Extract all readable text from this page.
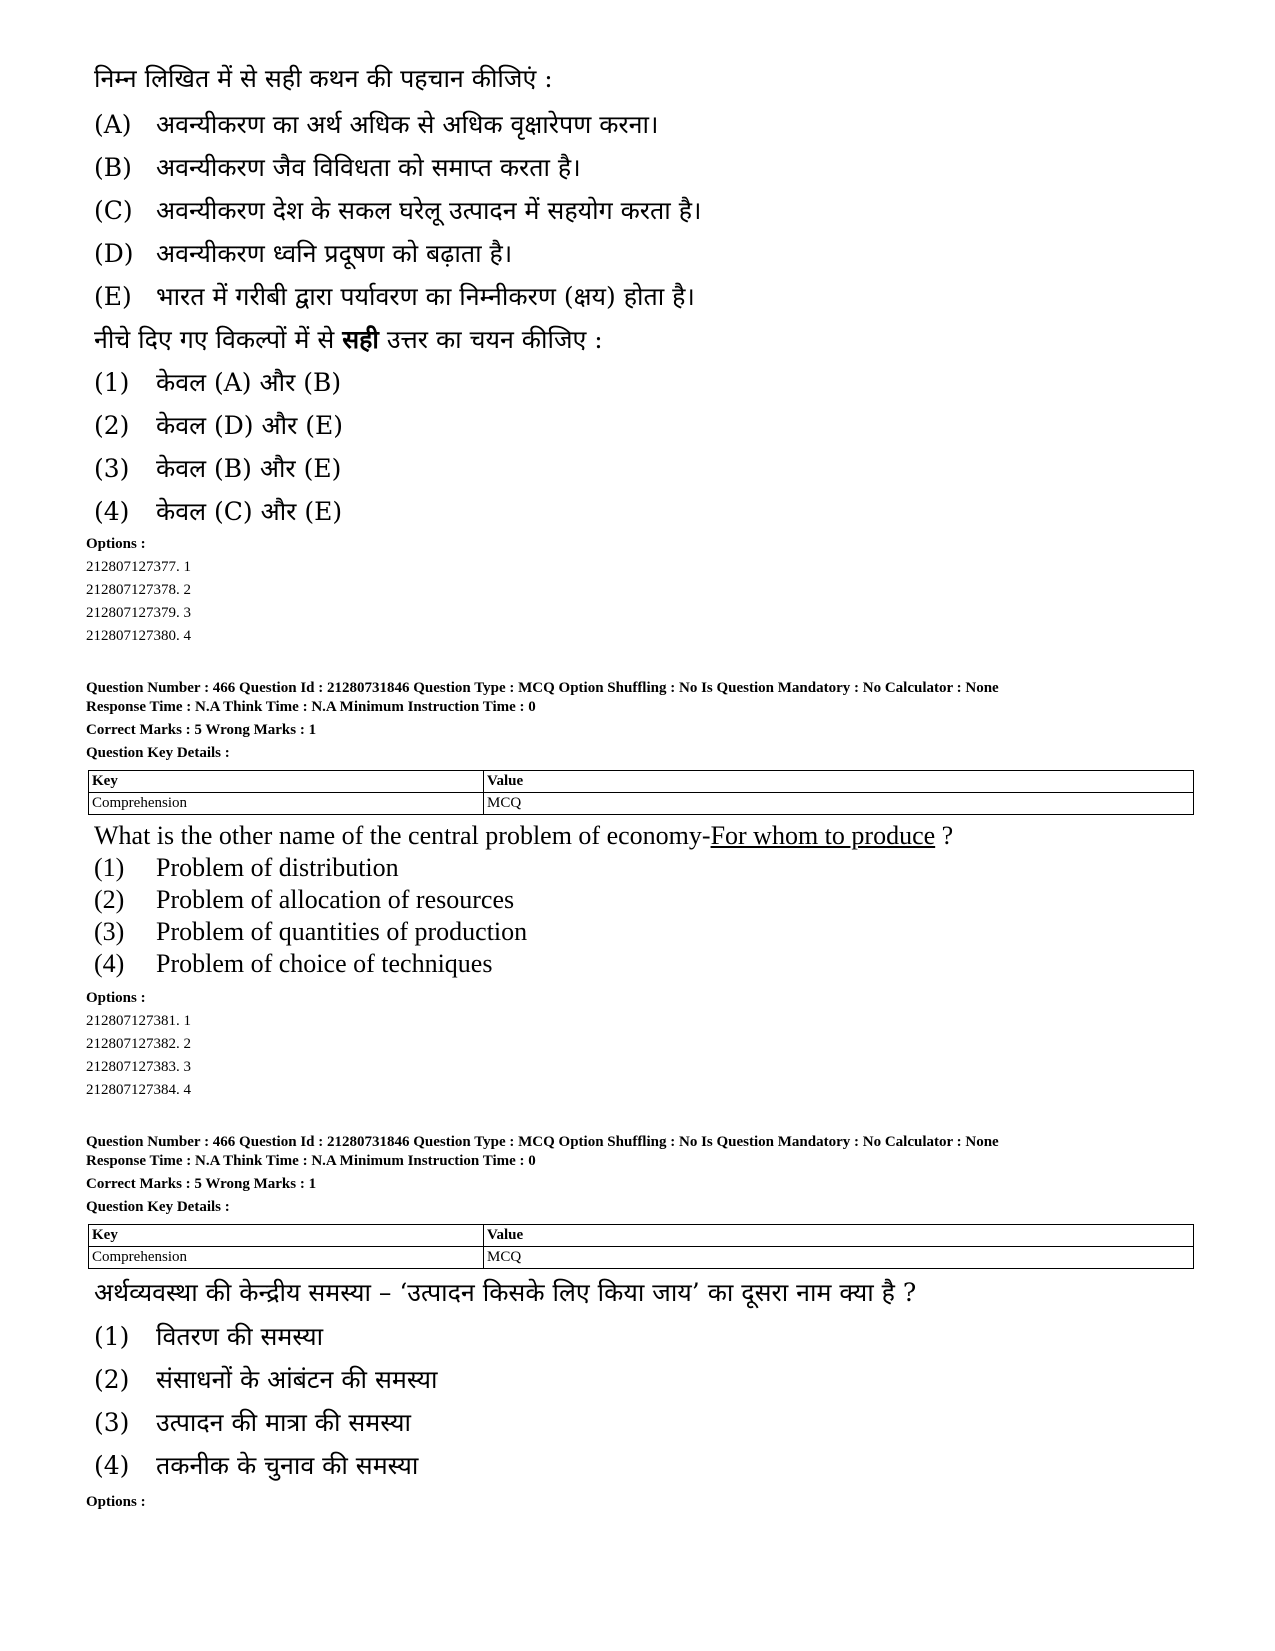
निम्न लिखित में से सही कथन की पहचान कीजिएं :
(A) अवन्यीकरण का अर्थ अधिक से अधिक वृक्षारेपण करना।
(B) अवन्यीकरण जैव विविधता को समाप्त करता है।
(C) अवन्यीकरण देश के सकल घरेलू उत्पादन में सहयोग करता है।
(D) अवन्यीकरण ध्वनि प्रदूषण को बढ़ाता है।
(E) भारत में गरीबी द्वारा पर्यावरण का निम्नीकरण (क्षय) होता है।
नीचे दिए गए विकल्पों में से सही उत्तर का चयन कीजिए :
(1) केवल (A) और (B)
(2) केवल (D) और (E)
(3) केवल (B) और (E)
(4) केवल (C) और (E)
Options :
212807127377. 1
212807127378. 2
212807127379. 3
212807127380. 4
Question Number : 466 Question Id : 21280731846 Question Type : MCQ Option Shuffling : No Is Question Mandatory : No Calculator : None
Response Time : N.A Think Time : N.A Minimum Instruction Time : 0
Correct Marks : 5 Wrong Marks : 1
Question Key Details :
Key	Value
Comprehension	MCQ
What is the other name of the central problem of economy-For whom to produce ?
(1) Problem of distribution
(2) Problem of allocation of resources
(3) Problem of quantities of production
(4) Problem of choice of techniques
Options :
212807127381. 1
212807127382. 2
212807127383. 3
212807127384. 4
Question Number : 466 Question Id : 21280731846 Question Type : MCQ Option Shuffling : No Is Question Mandatory : No Calculator : None
Response Time : N.A Think Time : N.A Minimum Instruction Time : 0
Correct Marks : 5 Wrong Marks : 1
Question Key Details :
Key	Value
Comprehension	MCQ
अर्थव्यवस्था की केन्द्रीय समस्या – ‘उत्पादन किसके लिए किया जाय’ का दूसरा नाम क्या है ?
(1) वितरण की समस्या
(2) संसाधनों के आंबंटन की समस्या
(3) उत्पादन की मात्रा की समस्या
(4) तकनीक के चुनाव की समस्या
Options :
